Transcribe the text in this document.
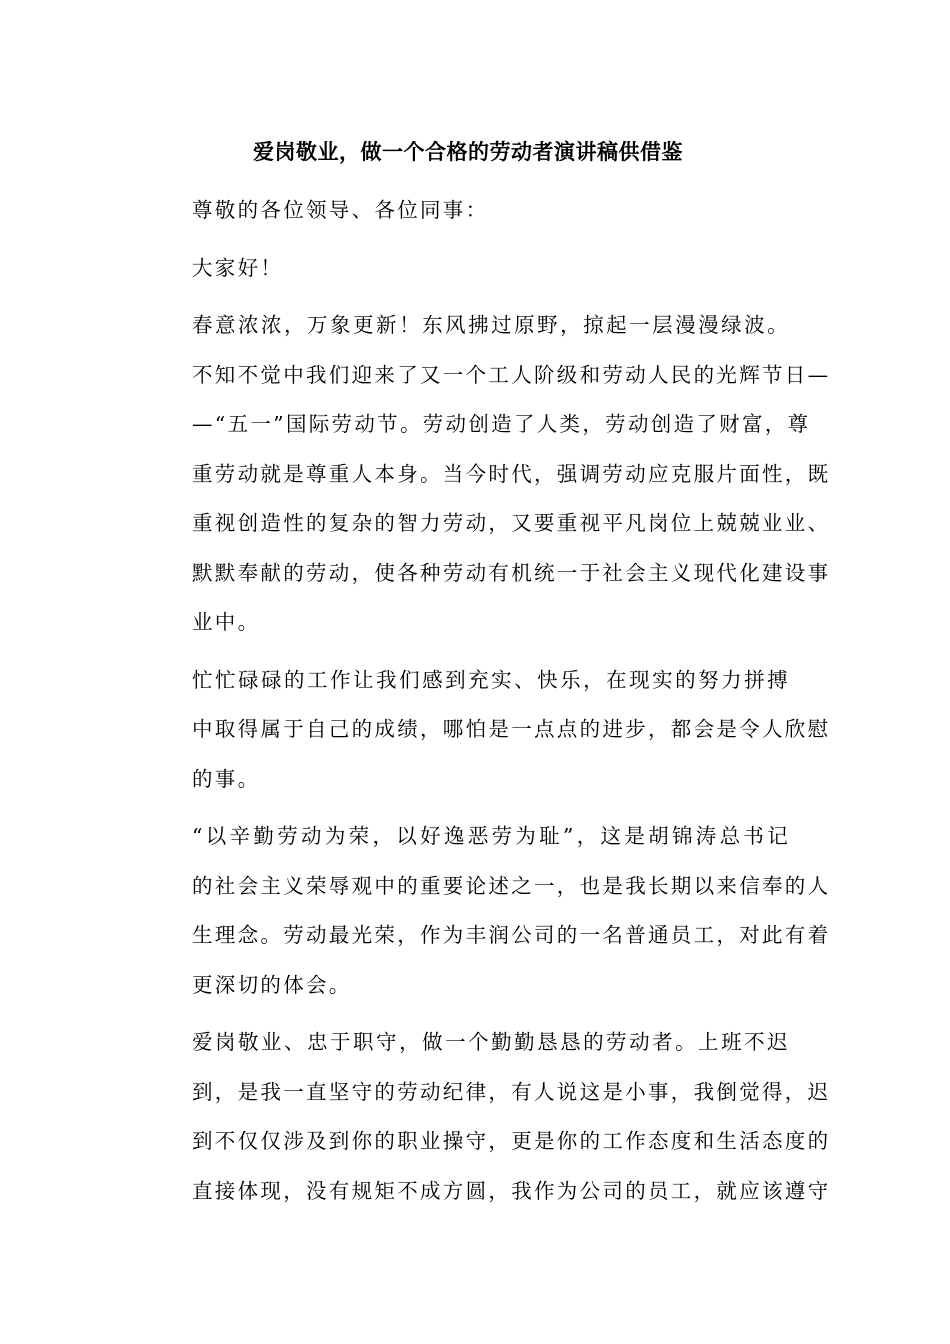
爱岗敬业，做一个合格的劳动者演讲稿供借鉴
尊敬的各位领导、各位同事：
大家好！
春意浓浓，万象更新！东风拂过原野，掠起一层漫漫绿波。
不知不觉中我们迎来了又一个工人阶级和劳动人民的光辉节日—
—“五一”国际劳动节。劳动创造了人类，劳动创造了财富，尊
重劳动就是尊重人本身。当今时代，强调劳动应克服片面性，既
重视创造性的复杂的智力劳动，又要重视平凡岗位上兢兢业业、
默默奉献的劳动，使各种劳动有机统一于社会主义现代化建设事
业中。
忙忙碌碌的工作让我们感到充实、快乐，在现实的努力拼搏
中取得属于自己的成绩，哪怕是一点点的进步，都会是令人欣慰
的事。
“以辛勤劳动为荣，以好逸恶劳为耻”，这是胡锦涛总书记
的社会主义荣辱观中的重要论述之一，也是我长期以来信奉的人
生理念。劳动最光荣，作为丰润公司的一名普通员工，对此有着
更深切的体会。
爱岗敬业、忠于职守，做一个勤勤恳恳的劳动者。上班不迟
到，是我一直坚守的劳动纪律，有人说这是小事，我倒觉得，迟
到不仅仅涉及到你的职业操守，更是你的工作态度和生活态度的
直接体现，没有规矩不成方圆，我作为公司的员工，就应该遵守
